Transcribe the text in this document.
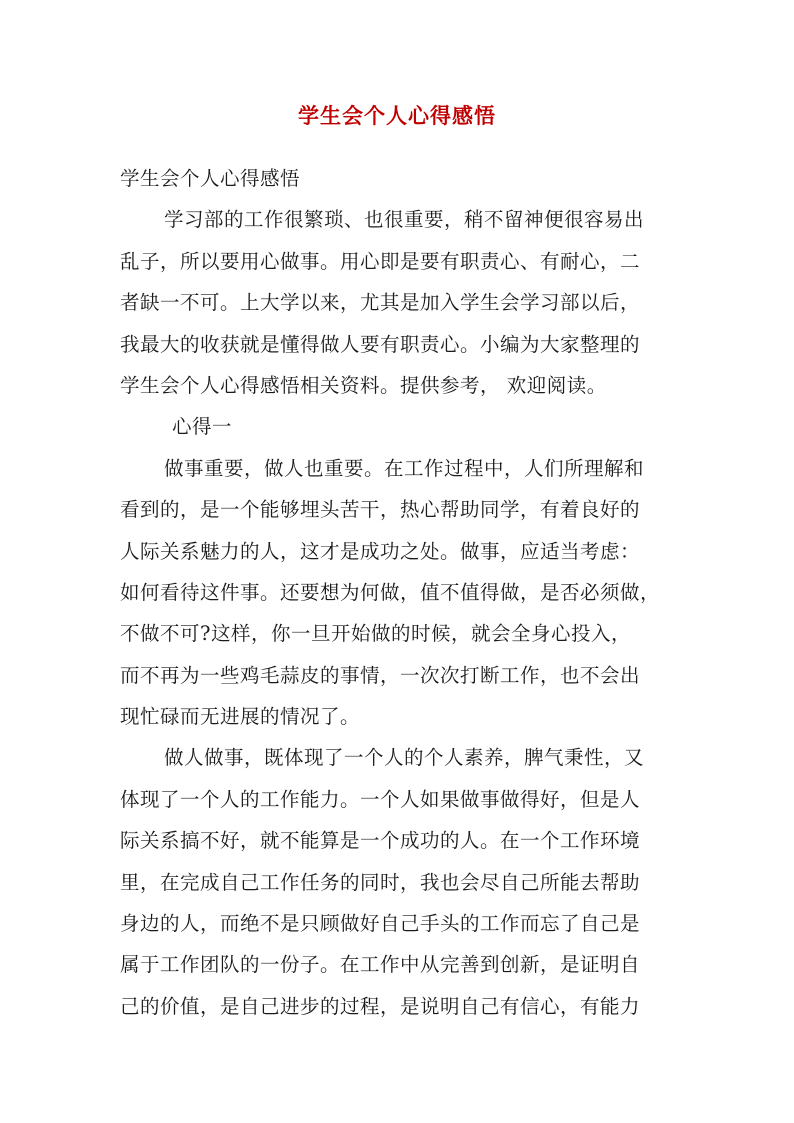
学生会个人心得感悟
学生会个人心得感悟
学习部的工作很繁琐、也很重要，稍不留神便很容易出
乱子，所以要用心做事。用心即是要有职责心、有耐心，二
者缺一不可。上大学以来，尤其是加入学生会学习部以后，
我最大的收获就是懂得做人要有职责心。小编为大家整理的
学生会个人心得感悟相关资料。提供参考， 欢迎阅读。
心得一
做事重要，做人也重要。在工作过程中，人们所理解和
看到的，是一个能够埋头苦干，热心帮助同学，有着良好的
人际关系魅力的人，这才是成功之处。做事，应适当考虑：
如何看待这件事。还要想为何做，值不值得做，是否必须做，
不做不可?这样，你一旦开始做的时候，就会全身心投入，
而不再为一些鸡毛蒜皮的事情，一次次打断工作，也不会出
现忙碌而无进展的情况了。
做人做事，既体现了一个人的个人素养，脾气秉性，又
体现了一个人的工作能力。一个人如果做事做得好，但是人
际关系搞不好，就不能算是一个成功的人。在一个工作环境
里，在完成自己工作任务的同时，我也会尽自己所能去帮助
身边的人，而绝不是只顾做好自己手头的工作而忘了自己是
属于工作团队的一份子。在工作中从完善到创新，是证明自
己的价值，是自己进步的过程，是说明自己有信心，有能力
